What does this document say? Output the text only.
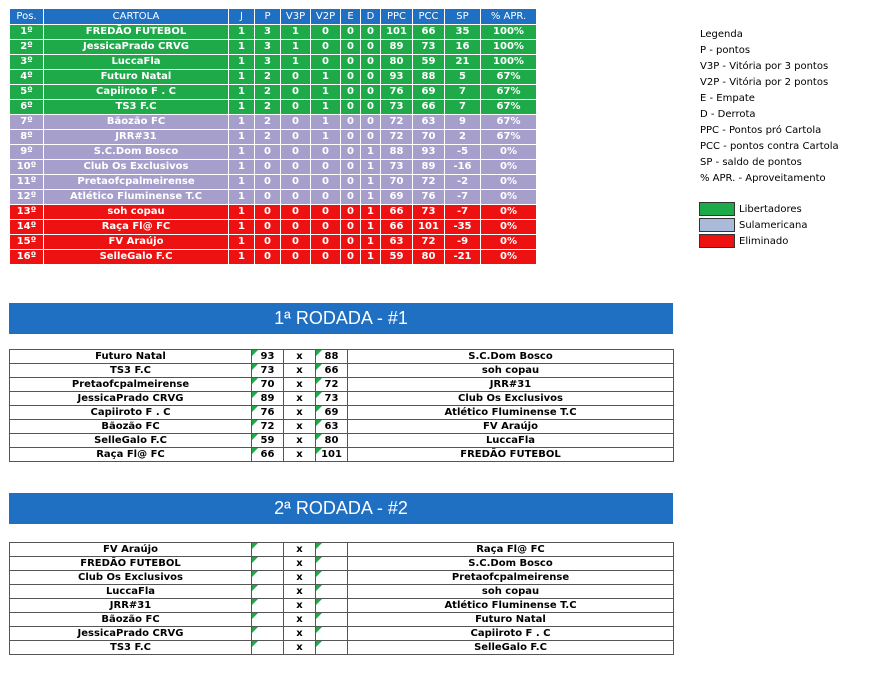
Pos.	CARTOLA	J	P	V3P	V2P	E	D	PPC	PCC	SP	% APR.
1º	FREDÃO FUTEBOL	1	3	1	0	0	0	101	66	35	100%
2º	JessicaPrado CRVG	1	3	1	0	0	0	89	73	16	100%
3º	LuccaFla	1	3	1	0	0	0	80	59	21	100%
4º	Futuro Natal	1	2	0	1	0	0	93	88	5	67%
5º	Capiiroto F . C	1	2	0	1	0	0	76	69	7	67%
6º	TS3 F.C	1	2	0	1	0	0	73	66	7	67%
7º	Bãozão FC	1	2	0	1	0	0	72	63	9	67%
8º	JRR#31	1	2	0	1	0	0	72	70	2	67%
9º	S.C.Dom Bosco	1	0	0	0	0	1	88	93	-5	0%
10º	Club Os Exclusivos	1	0	0	0	0	1	73	89	-16	0%
11º	Pretaofcpalmeirense	1	0	0	0	0	1	70	72	-2	0%
12º	Atlético Fluminense T.C	1	0	0	0	0	1	69	76	-7	0%
13º	soh copau	1	0	0	0	0	1	66	73	-7	0%
14º	Raça Fl@ FC	1	0	0	0	0	1	66	101	-35	0%
15º	FV Araújo	1	0	0	0	0	1	63	72	-9	0%
16º	SelleGalo F.C	1	0	0	0	0	1	59	80	-21	0%
Legenda
P - pontos
V3P - Vitória por 3 pontos
V2P - Vitória por 2 pontos
E - Empate
D - Derrota
PPC - Pontos pró Cartola
PCC - pontos contra Cartola
SP - saldo de pontos
% APR. - Aproveitamento
Libertadores
Sulamericana
Eliminado
1ª RODADA - #1
Futuro Natal	93	x	88	S.C.Dom Bosco
TS3 F.C	73	x	66	soh copau
Pretaofcpalmeirense	70	x	72	JRR#31
JessicaPrado CRVG	89	x	73	Club Os Exclusivos
Capiiroto F . C	76	x	69	Atlético Fluminense T.C
Bãozão FC	72	x	63	FV Araújo
SelleGalo F.C	59	x	80	LuccaFla
Raça Fl@ FC	66	x	101	FREDÃO FUTEBOL
2ª RODADA - #2
FV Araújo		x		Raça Fl@ FC
FREDÃO FUTEBOL		x		S.C.Dom Bosco
Club Os Exclusivos		x		Pretaofcpalmeirense
LuccaFla		x		soh copau
JRR#31		x		Atlético Fluminense T.C
Bãozão FC		x		Futuro Natal
JessicaPrado CRVG		x		Capiiroto F . C
TS3 F.C		x		SelleGalo F.C
